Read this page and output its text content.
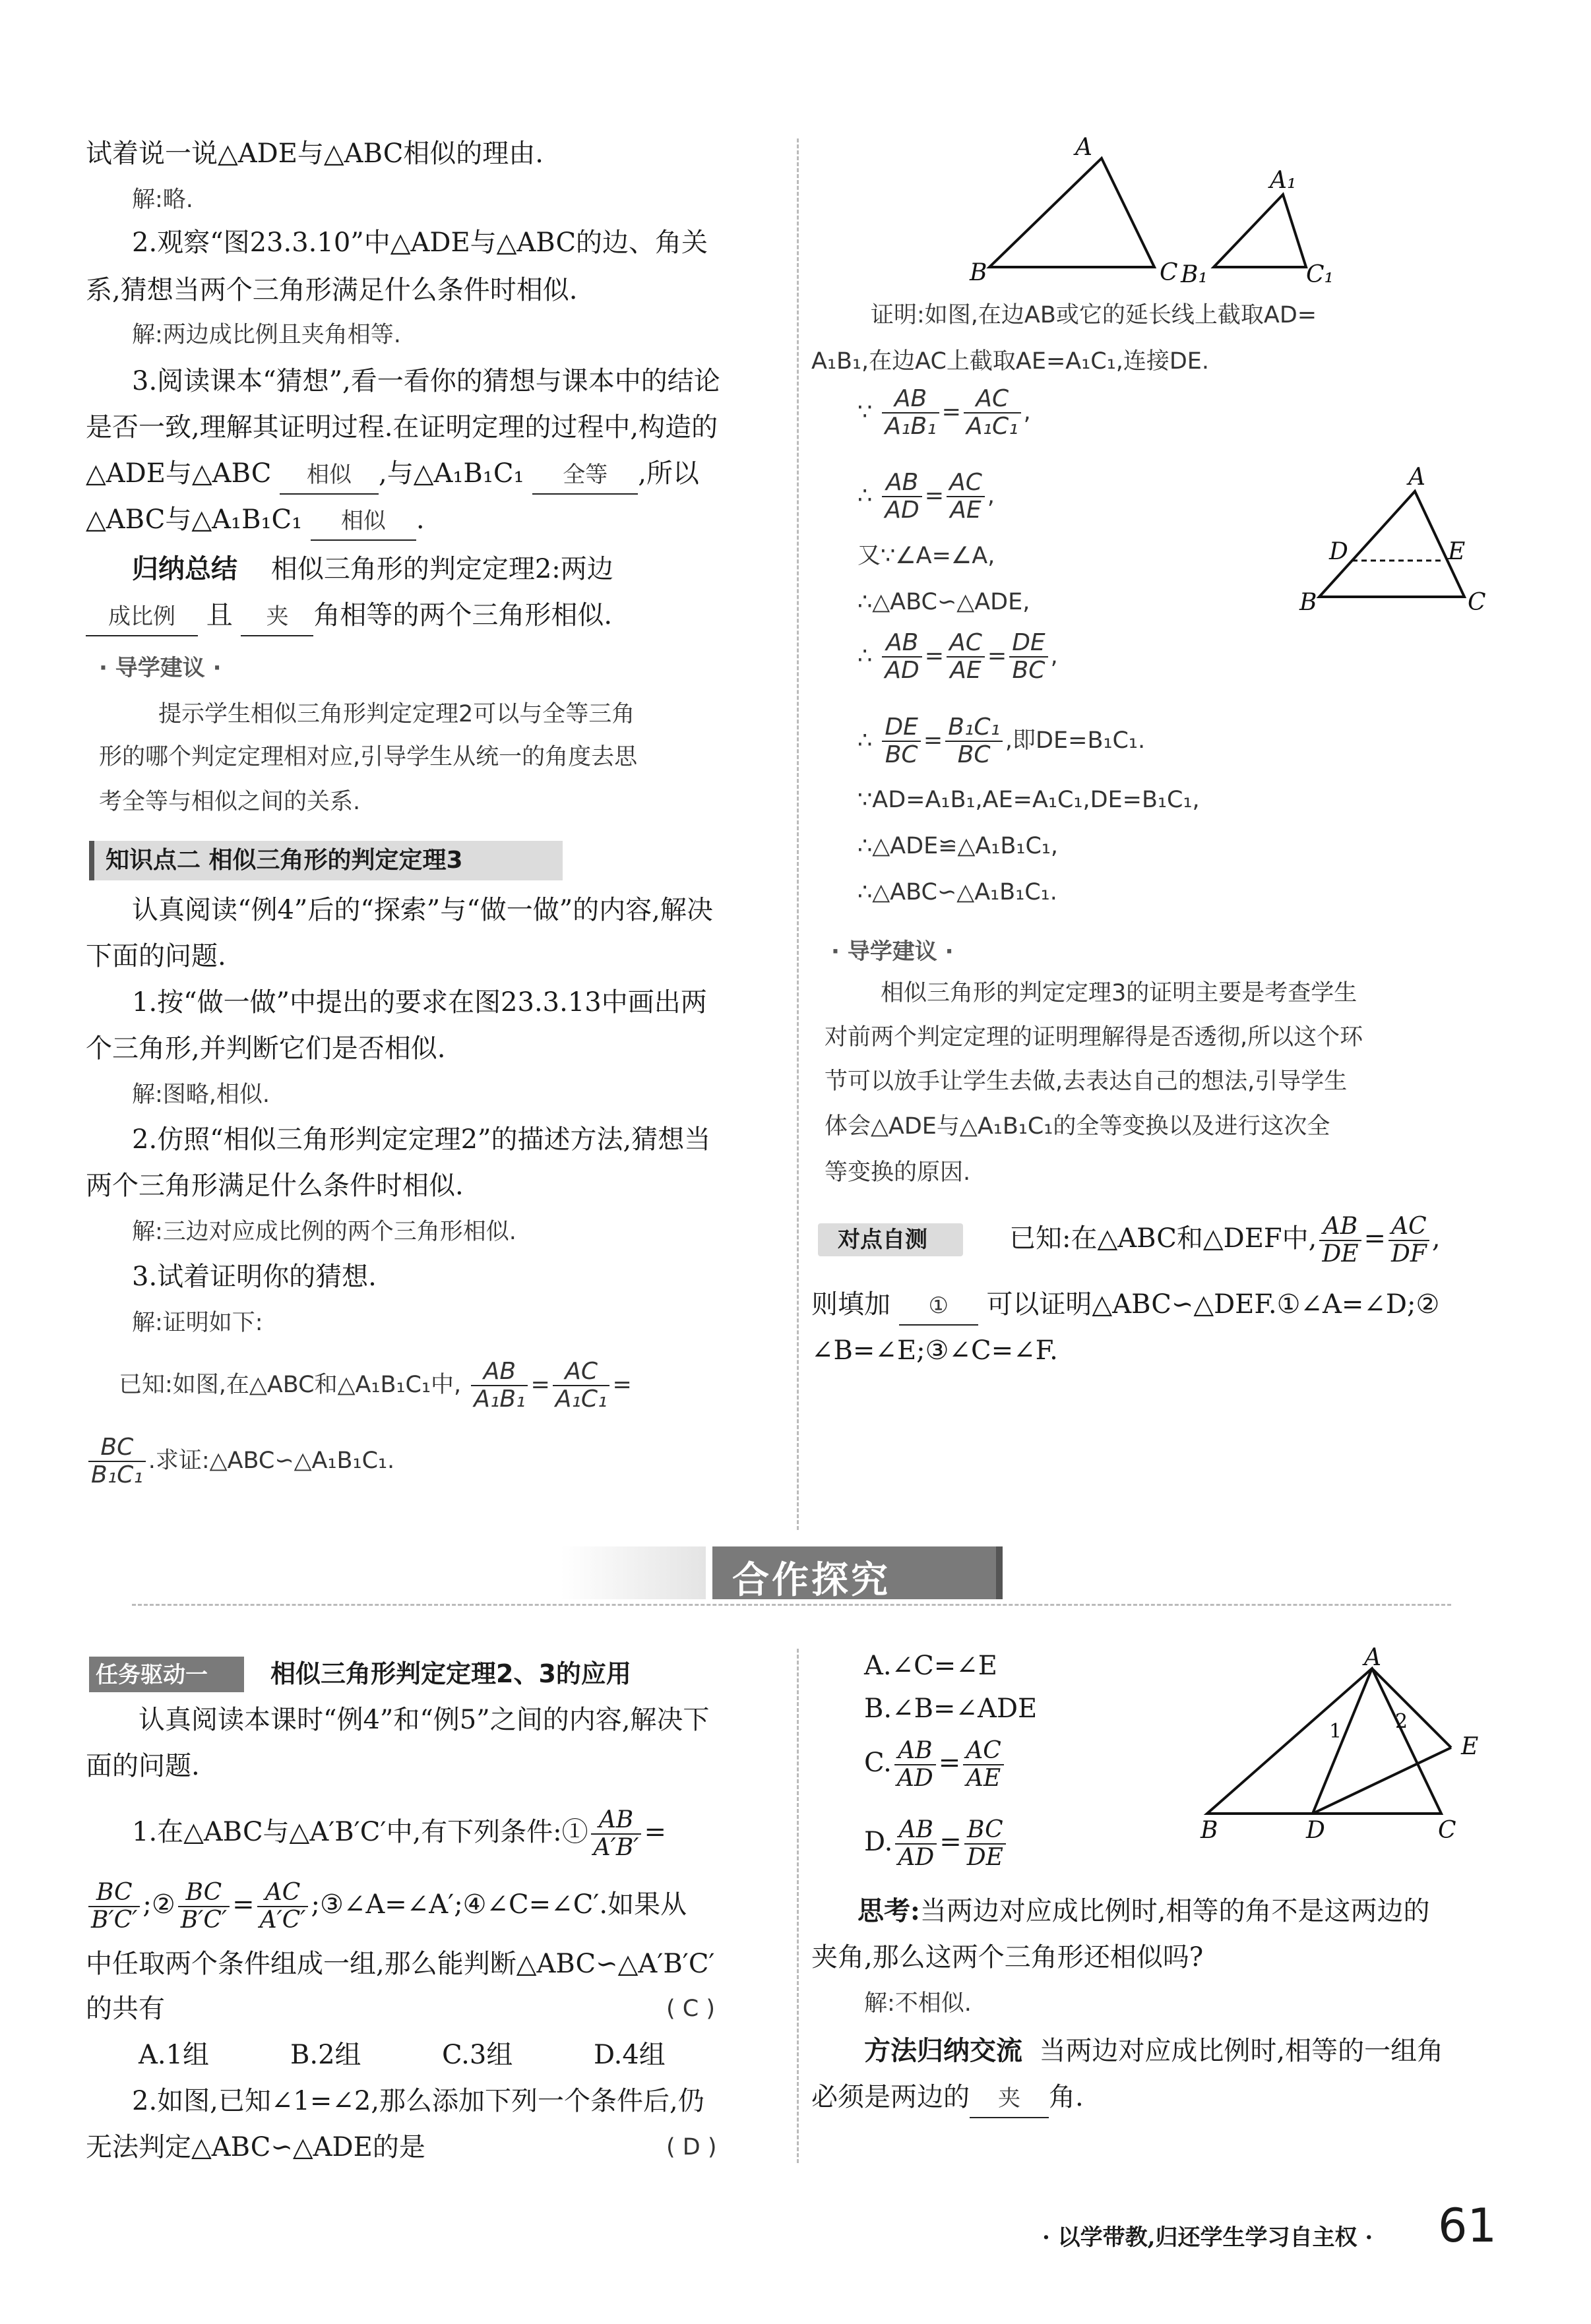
试着说一说△ADE与△ABC相似的理由.
解:略.
2.观察“图23.3.10”中△ADE与△ABC的边、角关
系,猜想当两个三角形满足什么条件时相似.
解:两边成比例且夹角相等.
3.阅读课本“猜想”,看一看你的猜想与课本中的结论
是否一致,理解其证明过程.在证明定理的过程中,构造的
△ADE与△ABC 相似 ,与△A₁B₁C₁ 全等 ,所以
△ABC与△A₁B₁C₁ 相似 .
归纳总结 相似三角形的判定定理2:两边
成比例 且 夹 角相等的两个三角形相似.
· 导学建议 ·
提示学生相似三角形判定定理2可以与全等三角
形的哪个判定定理相对应,引导学生从统一的角度去思
考全等与相似之间的关系.
知识点二 相似三角形的判定定理3
认真阅读“例4”后的“探索”与“做一做”的内容,解决
下面的问题.
1.按“做一做”中提出的要求在图23.3.13中画出两
个三角形,并判断它们是否相似.
解:图略,相似.
2.仿照“相似三角形判定定理2”的描述方法,猜想当
两个三角形满足什么条件时相似.
解:三边对应成比例的两个三角形相似.
3.试着证明你的猜想.
解:证明如下:
已知:如图,在△ABC和△A₁B₁C₁中, $\frac{AB}{\text{A₁B₁}} = \frac{AC}{\text{A₁C₁}}$ =
$\frac{BC}{\text{B₁C₁}}$ .求证:△ABC∽△A₁B₁C₁.
A
B	C
A₁
B₁	C₁
证明:如图,在边AB或它的延长线上截取AD=
A₁B₁,在边AC上截取AE=A₁C₁,连接DE.
∵ $\frac{AB}{\text{A₁B₁}} = \frac{AC}{\text{A₁C₁}}$ ,
∴ $\frac{AB}{AD} = \frac{AC}{AE}$ ,
又∵∠A=∠A,
∴△ABC∽△ADE,
∴ $\frac{AB}{AD} = \frac{AC}{AE} = \frac{DE}{BC}$ ,
∴ $\frac{DE}{BC} = \frac{\text{B₁C₁}}{BC}$ ,即DE=B₁C₁.
∵AD=A₁B₁,AE=A₁C₁,DE=B₁C₁,
∴△ADE≌△A₁B₁C₁,
∴△ABC∽△A₁B₁C₁.
· 导学建议 ·
相似三角形的判定定理3的证明主要是考查学生
对前两个判定定理的证明理解得是否透彻,所以这个环
节可以放手让学生去做,去表达自己的想法,引导学生
体会△ADE与△A₁B₁C₁的全等变换以及进行这次全
等变换的原因.
对点自测	已知:在△ABC和△DEF中, $\frac{AB}{DE} = \frac{AC}{DF}$ ,
则填加 ① 可以证明△ABC∽△DEF.①∠A=∠D;②
∠B=∠E;③∠C=∠F.
A
D	E
B	C
合作探究
任务驱动一	相似三角形判定定理2、3的应用
认真阅读本课时“例4”和“例5”之间的内容,解决下
面的问题.
1.在△ABC与△A′B′C′中,有下列条件:① $\frac{AB}{A'B'}$ =
$\frac{BC}{B'C'}$ ;② $\frac{BC}{B'C'} = \frac{AC}{A'C'}$ ;③∠A=∠A′;④∠C=∠C′.如果从
中任取两个条件组成一组,那么能判断△ABC∽△A′B′C′
的共有	( C )
A.1组	B.2组	C.3组	D.4组
2.如图,已知∠1=∠2,那么添加下列一个条件后,仍
无法判定△ABC∽△ADE的是	( D )
A.∠C=∠E
B.∠B=∠ADE
C. $\frac{AB}{AD} = \frac{AC}{AE}$
D. $\frac{AB}{AD} = \frac{BC}{DE}$
思考:当两边对应成比例时,相等的角不是这两边的
夹角,那么这两个三角形还相似吗?
解:不相似.
方法归纳交流 当两边对应成比例时,相等的一组角
必须是两边的 夹 角.
A
1	2
E
B	D	C
· 以学带教,归还学生学习自主权 · 61
